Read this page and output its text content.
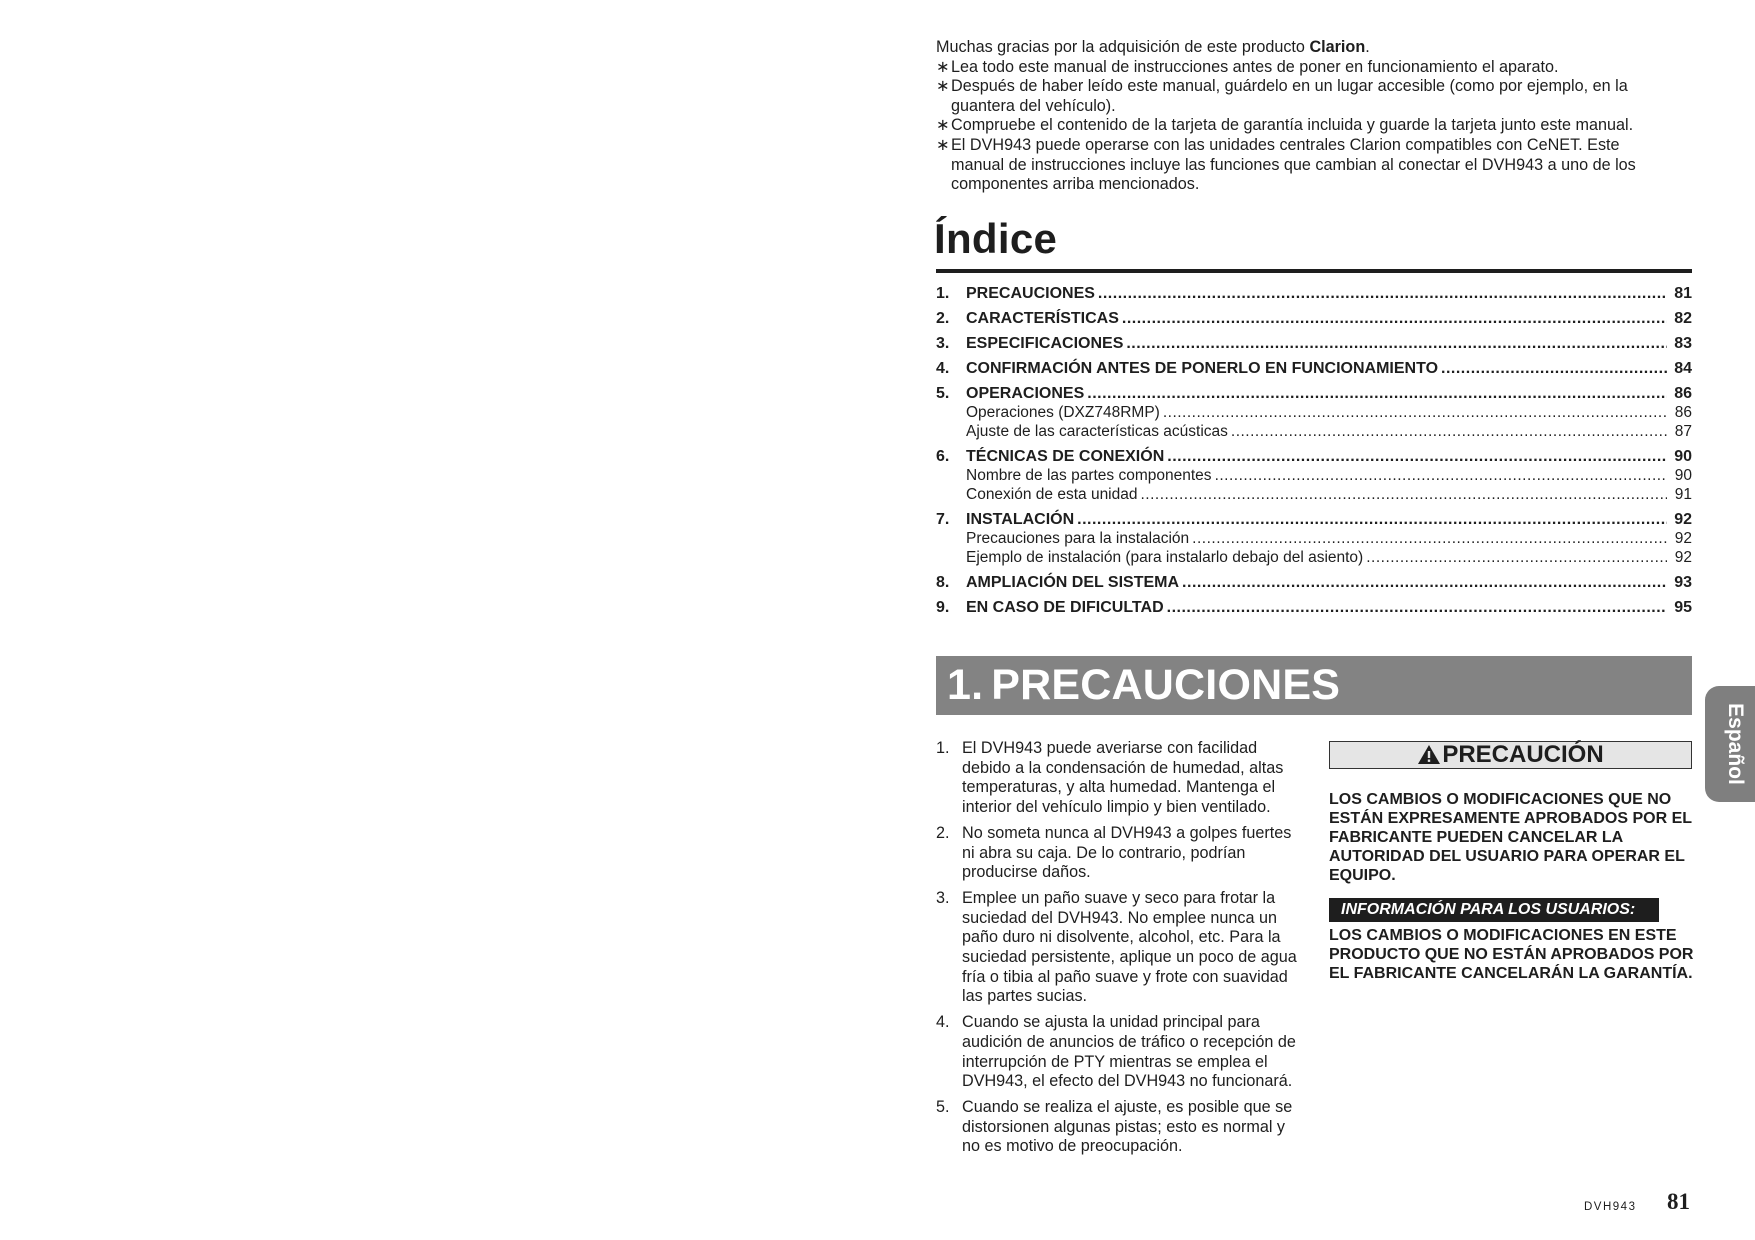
Muchas gracias por la adquisición de este producto Clarion.

∗ Lea todo este manual de instrucciones antes de poner en funcionamiento el aparato.
∗ Después de haber leído este manual, guárdelo en un lugar accesible (como por ejemplo, en la guantera del vehículo).
∗ Compruebe el contenido de la tarjeta de garantía incluida y guarde la tarjeta junto este manual.
∗ El DVH943 puede operarse con las unidades centrales Clarion compatibles con CeNET. Este manual de instrucciones incluye las funciones que cambian al conectar el DVH943 a uno de los componentes arriba mencionados.
Índice
1.	PRECAUCIONES .....	81
2.	CARACTERÍSTICAS .....	82
3.	ESPECIFICACIONES .....	83
4.	CONFIRMACIÓN ANTES DE PONERLO EN FUNCIONAMIENTO .....	84
5.	OPERACIONES .....	86
Operaciones (DXZ748RMP) .....	86
Ajuste de las características acústicas .....	87
6.	TÉCNICAS DE CONEXIÓN .....	90
Nombre de las partes componentes .....	90
Conexión de esta unidad .....	91
7.	INSTALACIÓN .....	92
Precauciones para la instalación .....	92
Ejemplo de instalación (para instalarlo debajo del asiento) .....	92
8.	AMPLIACIÓN DEL SISTEMA .....	93
9.	EN CASO DE DIFICULTAD .....	95
1. PRECAUCIONES
1. El DVH943 puede averiarse con facilidad debido a la condensación de humedad, altas temperaturas, y alta humedad. Mantenga el interior del vehículo limpio y bien ventilado.
2. No someta nunca al DVH943 a golpes fuertes ni abra su caja. De lo contrario, podrían producirse daños.
3. Emplee un paño suave y seco para frotar la suciedad del DVH943. No emplee nunca un paño duro ni disolvente, alcohol, etc. Para la suciedad persistente, aplique un poco de agua fría o tibia al paño suave y frote con suavidad las partes sucias.
4. Cuando se ajusta la unidad principal para audición de anuncios de tráfico o recepción de interrupción de PTY mientras se emplea el DVH943, el efecto del DVH943 no funcionará.
5. Cuando se realiza el ajuste, es posible que se distorsionen algunas pistas; esto es normal y no es motivo de preocupación.
PRECAUCIÓN
LOS CAMBIOS O MODIFICACIONES QUE NO ESTÁN EXPRESAMENTE APROBADOS POR EL FABRICANTE PUEDEN CANCELAR LA AUTORIDAD DEL USUARIO PARA OPERAR EL EQUIPO.
INFORMACIÓN PARA LOS USUARIOS:
LOS CAMBIOS O MODIFICACIONES EN ESTE PRODUCTO QUE NO ESTÁN APROBADOS POR EL FABRICANTE CANCELARÁN LA GARANTÍA.
Español
DVH943 81
